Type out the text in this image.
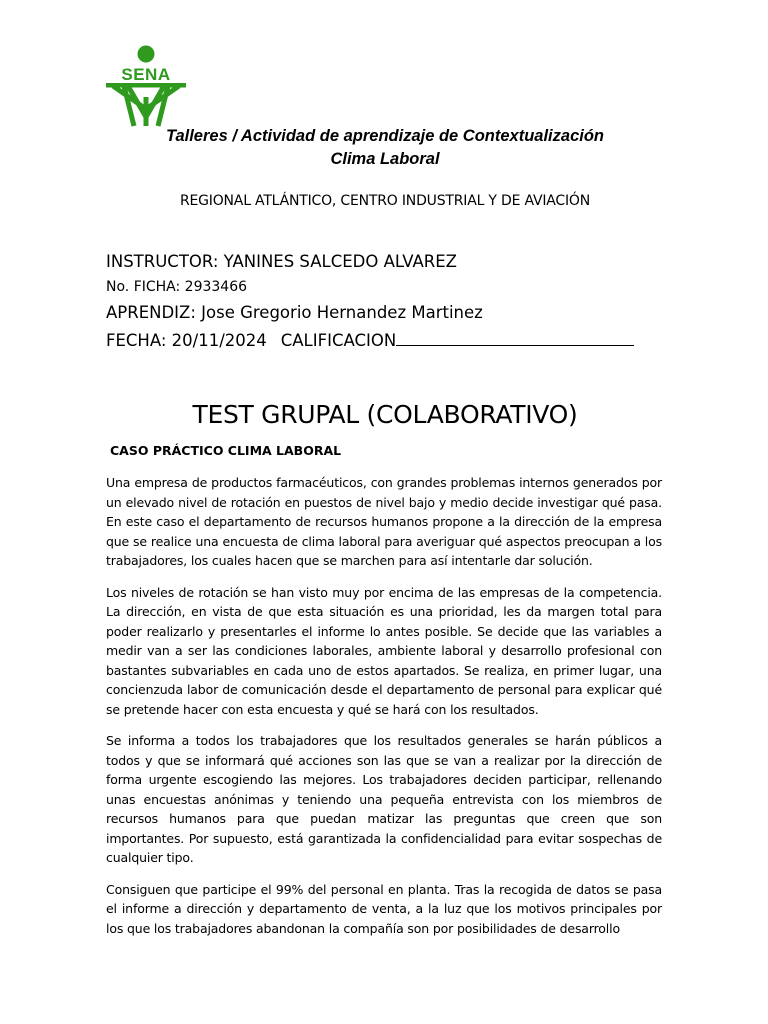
SENA
Talleres / Actividad de aprendizaje de Contextualización
Clima Laboral
REGIONAL ATLÁNTICO, CENTRO INDUSTRIAL Y DE AVIACIÓN
INSTRUCTOR: YANINES SALCEDO ALVAREZ
No. FICHA: 2933466
APRENDIZ: Jose Gregorio Hernandez Martinez
FECHA: 20/11/2024 CALIFICACION
TEST GRUPAL (COLABORATIVO)
CASO PRÁCTICO CLIMA LABORAL

Una empresa de productos farmacéuticos, con grandes problemas internos generados por un elevado nivel de rotación en puestos de nivel bajo y medio decide investigar qué pasa. En este caso el departamento de recursos humanos propone a la dirección de la empresa que se realice una encuesta de clima laboral para averiguar qué aspectos preocupan a los trabajadores, los cuales hacen que se marchen para así intentarle dar solución.

Los niveles de rotación se han visto muy por encima de las empresas de la competencia. La dirección, en vista de que esta situación es una prioridad, les da margen total para poder realizarlo y presentarles el informe lo antes posible. Se decide que las variables a medir van a ser las condiciones laborales, ambiente laboral y desarrollo profesional con bastantes subvariables en cada uno de estos apartados. Se realiza, en primer lugar, una concienzuda labor de comunicación desde el departamento de personal para explicar qué se pretende hacer con esta encuesta y qué se hará con los resultados.

Se informa a todos los trabajadores que los resultados generales se harán públicos a todos y que se informará qué acciones son las que se van a realizar por la dirección de forma urgente escogiendo las mejores. Los trabajadores deciden participar, rellenando unas encuestas anónimas y teniendo una pequeña entrevista con los miembros de recursos humanos para que puedan matizar las preguntas que creen que son importantes. Por supuesto, está garantizada la confidencialidad para evitar sospechas de cualquier tipo.

Consiguen que participe el 99% del personal en planta. Tras la recogida de datos se pasa el informe a dirección y departamento de venta, a la luz que los motivos principales por los que los trabajadores abandonan la compañía son por posibilidades de desarrollo
